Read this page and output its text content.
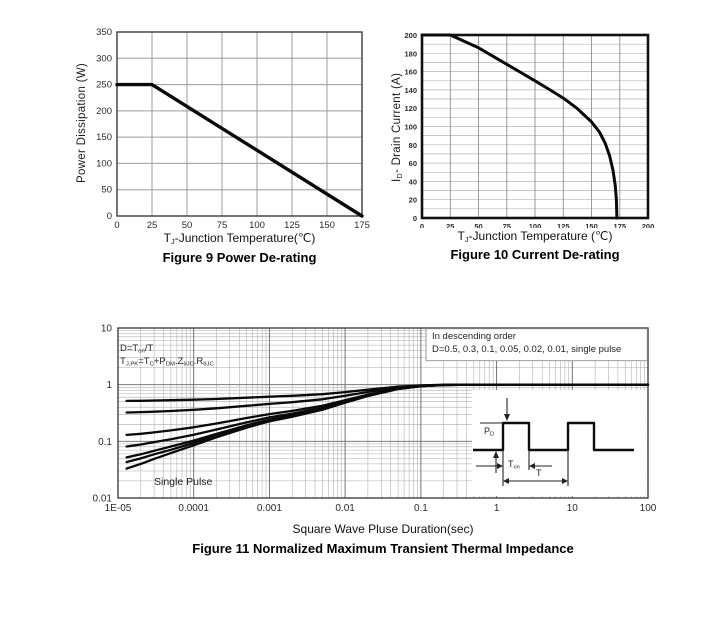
0	25	50	75 100 125 150 175
0
50
100
150
200
250
300
350
Power Dissipation (W)
TJ-Junction Temperature(℃)
Figure 9 Power De-rating
0	25	50	75 100 125 150 175 200
0
20
40
60
80
100
120
140
160
180
200
ID- Drain Current (A)
TJ-Junction Temperature (℃)
Figure 10 Current De-rating
1E-05	0.0001	0.001	0.01	0.1	1	10	100
10
1
0.1
0.01
D=Ton/T
TJ,PK=TC+PDM.ZθJC.RθJC
In descending order
D=0.5, 0.3, 0.1, 0.05, 0.02, 0.01, single pulse
Single Pulse
PD
Ton
T
Square Wave Pluse Duration(sec)
Figure 11 Normalized Maximum Transient Thermal Impedance
